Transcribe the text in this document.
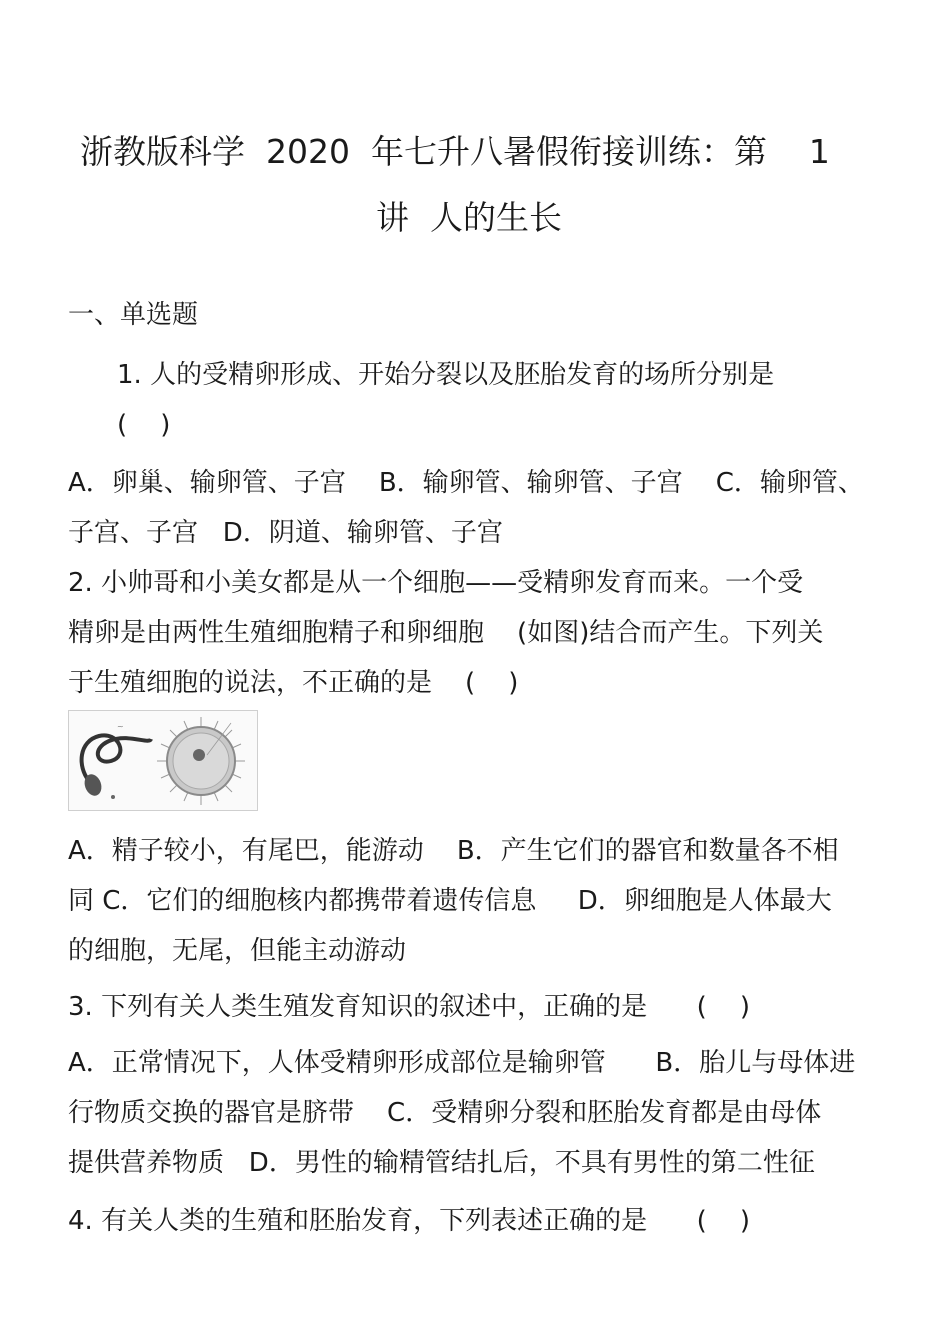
浙教版科学  2020  年七升八暑假衔接训练：第    1
讲  人的生长
一、单选题
1. 人的受精卵形成、开始分裂以及胚胎发育的场所分别是
(    )
A．卵巢、输卵管、子宫    B．输卵管、输卵管、子宫    C．输卵管、
子宫、子宫   D．阴道、输卵管、子宫
2. 小帅哥和小美女都是从一个细胞——受精卵发育而来。一个受
精卵是由两性生殖细胞精子和卵细胞    (如图)结合而产生。下列关
于生殖细胞的说法，不正确的是    (    )
~
A．精子较小，有尾巴，能游动    B．产生它们的器官和数量各不相
同 C．它们的细胞核内都携带着遗传信息     D．卵细胞是人体最大
的细胞，无尾，但能主动游动
3. 下列有关人类生殖发育知识的叙述中，正确的是      (    )
A．正常情况下，人体受精卵形成部位是输卵管      B．胎儿与母体进
行物质交换的器官是脐带    C．受精卵分裂和胚胎发育都是由母体
提供营养物质   D．男性的输精管结扎后，不具有男性的第二性征
4. 有关人类的生殖和胚胎发育，下列表述正确的是      (    )
